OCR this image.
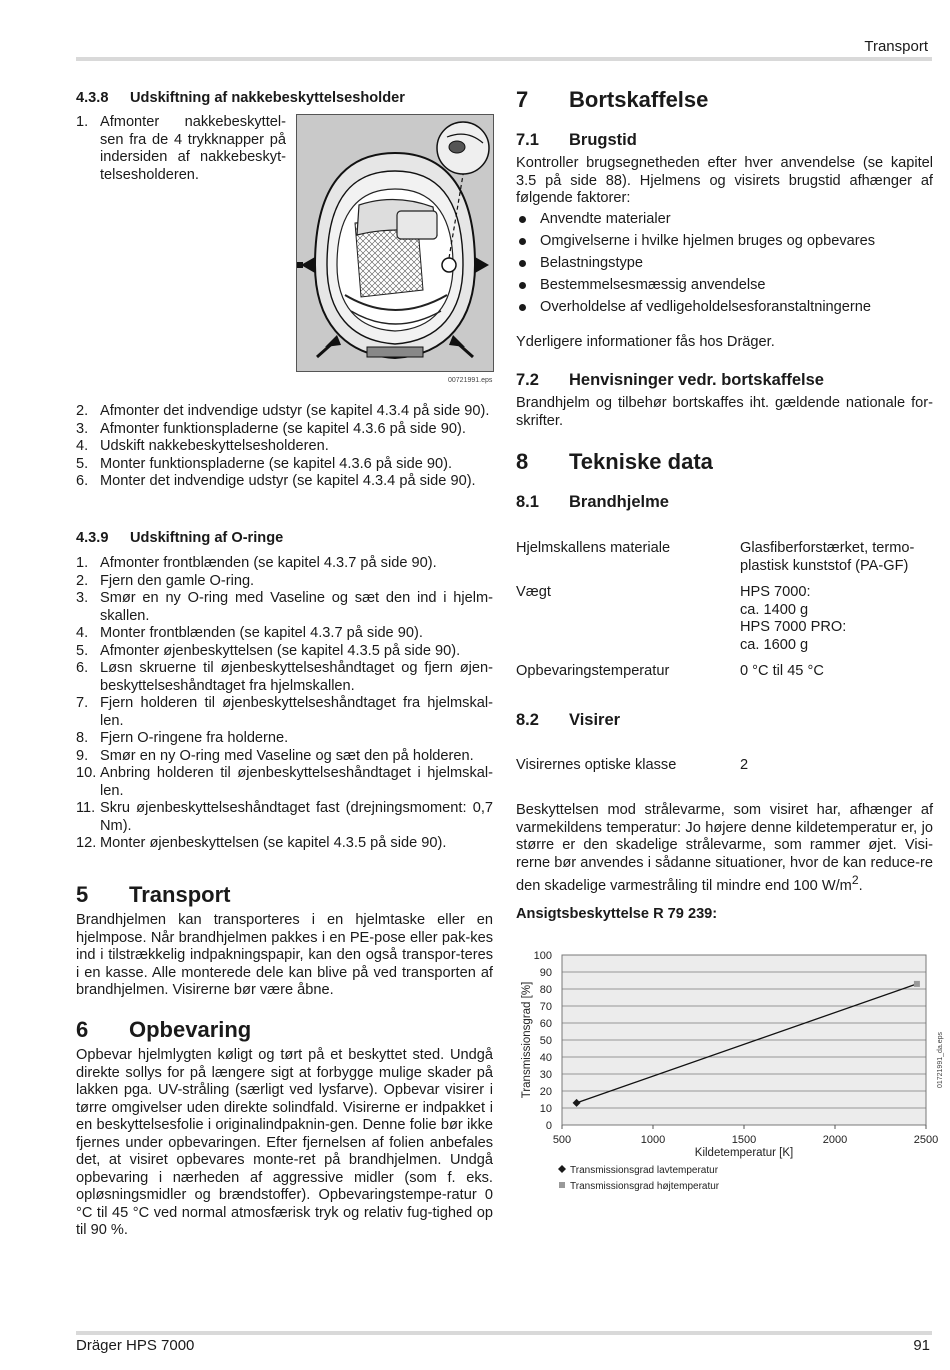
Transport
4.3.8 Udskiftning af nakkebeskyttelsesholder
1. Afmonter nakkebeskyttel-
sen fra de 4 trykknapper på
indersiden af nakkebeskyt-
telsesholderen.
00721991.eps
2. Afmonter det indvendige udstyr (se kapitel 4.3.4 på side 90).
3. Afmonter funktionspladerne (se kapitel 4.3.6 på side 90).
4. Udskift nakkebeskyttelsesholderen.
5. Monter funktionspladerne (se kapitel 4.3.6 på side 90).
6. Monter det indvendige udstyr (se kapitel 4.3.4 på side 90).
4.3.9 Udskiftning af O-ringe
1. Afmonter frontblænden (se kapitel 4.3.7 på side 90).
2. Fjern den gamle O-ring.
3. Smør en ny O-ring med Vaseline og sæt den ind i hjelm-skallen.
4. Monter frontblænden (se kapitel 4.3.7 på side 90).
5. Afmonter øjenbeskyttelsen (se kapitel 4.3.5 på side 90).
6. Løsn skruerne til øjenbeskyttelseshåndtaget og fjern øjen-beskyttelseshåndtaget fra hjelmskallen.
7. Fjern holderen til øjenbeskyttelseshåndtaget fra hjelmskal-len.
8. Fjern O-ringene fra holderne.
9. Smør en ny O-ring med Vaseline og sæt den på holderen.
10. Anbring holderen til øjenbeskyttelseshåndtaget i hjelmskal-len.
11. Skru øjenbeskyttelseshåndtaget fast (drejningsmoment: 0,7 Nm).
12. Monter øjenbeskyttelsen (se kapitel 4.3.5 på side 90).
5 Transport
Brandhjelmen kan transporteres i en hjelmtaske eller en hjelmpose. Når brandhjelmen pakkes i en PE-pose eller pak-kes ind i tilstrækkelig indpakningspapir, kan den også transpor-teres i en kasse. Alle monterede dele kan blive på ved transporten af brandhjelmen. Visirerne bør være åbne.
6 Opbevaring
Opbevar hjelmlygten køligt og tørt på et beskyttet sted. Undgå direkte sollys for på længere sigt at forbygge mulige skader på lakken pga. UV-stråling (særligt ved lysfarve). Opbevar visirer i tørre omgivelser uden direkte solindfald. Visirerne er indpakket i en beskyttelsesfolie i originalindpaknin-gen. Denne folie bør ikke fjernes under opbevaringen. Efter fjernelsen af folien anbefales det, at visiret opbevares monte-ret på brandhjelmen. Undgå opbevaring i nærheden af aggressive midler (som f. eks. opløsningsmidler og brændstoffer). Opbevaringstempe-ratur 0 °C til 45 °C ved normal atmosfærisk tryk og relativ fug-tighed op til 90 %.
7 Bortskaffelse
7.1 Brugstid
Kontroller brugsegnetheden efter hver anvendelse (se kapitel 3.5 på side 88). Hjelmens og visirets brugstid afhænger af følgende faktorer:
Anvendte materialer
Omgivelserne i hvilke hjelmen bruges og opbevares
Belastningstype
Bestemmelsesmæssig anvendelse
Overholdelse af vedligeholdelsesforanstaltningerne
Yderligere informationer fås hos Dräger.
7.2 Henvisninger vedr. bortskaffelse
Brandhjelm og tilbehør bortskaffes iht. gældende nationale for-skrifter.
8 Tekniske data
8.1 Brandhjelme
Hjelmskallens materiale	Glasfiberforstærket, termo-
plastisk kunststof (PA-GF)
Vægt	HPS 7000:
ca. 1400 g
HPS 7000 PRO:
ca. 1600 g
Opbevaringstemperatur	0 °C til 45 °C
8.2 Visirer
Visirernes optiske klasse	2
Beskyttelsen mod strålevarme, som visiret har, afhænger af varmekildens temperatur: Jo højere denne kildetemperatur er, jo større er den skadelige strålevarme, som rammer øjet. Visi-rerne bør anvendes i sådanne situationer, hvor de kan reduce-re den skadelige varmestråling til mindre end 100 $W/m^2$.
Ansigtsbeskyttelse R 79 239:
0
10
20
30
40
50
60
70
80
90
100
500	1000	1500	2000	2500
Kildetemperatur [K]
Transmissionsgrad [%]
Transmissionsgrad lavtemperatur
Transmissionsgrad højtemperatur
01721991_da.eps
Dräger HPS 7000	91
